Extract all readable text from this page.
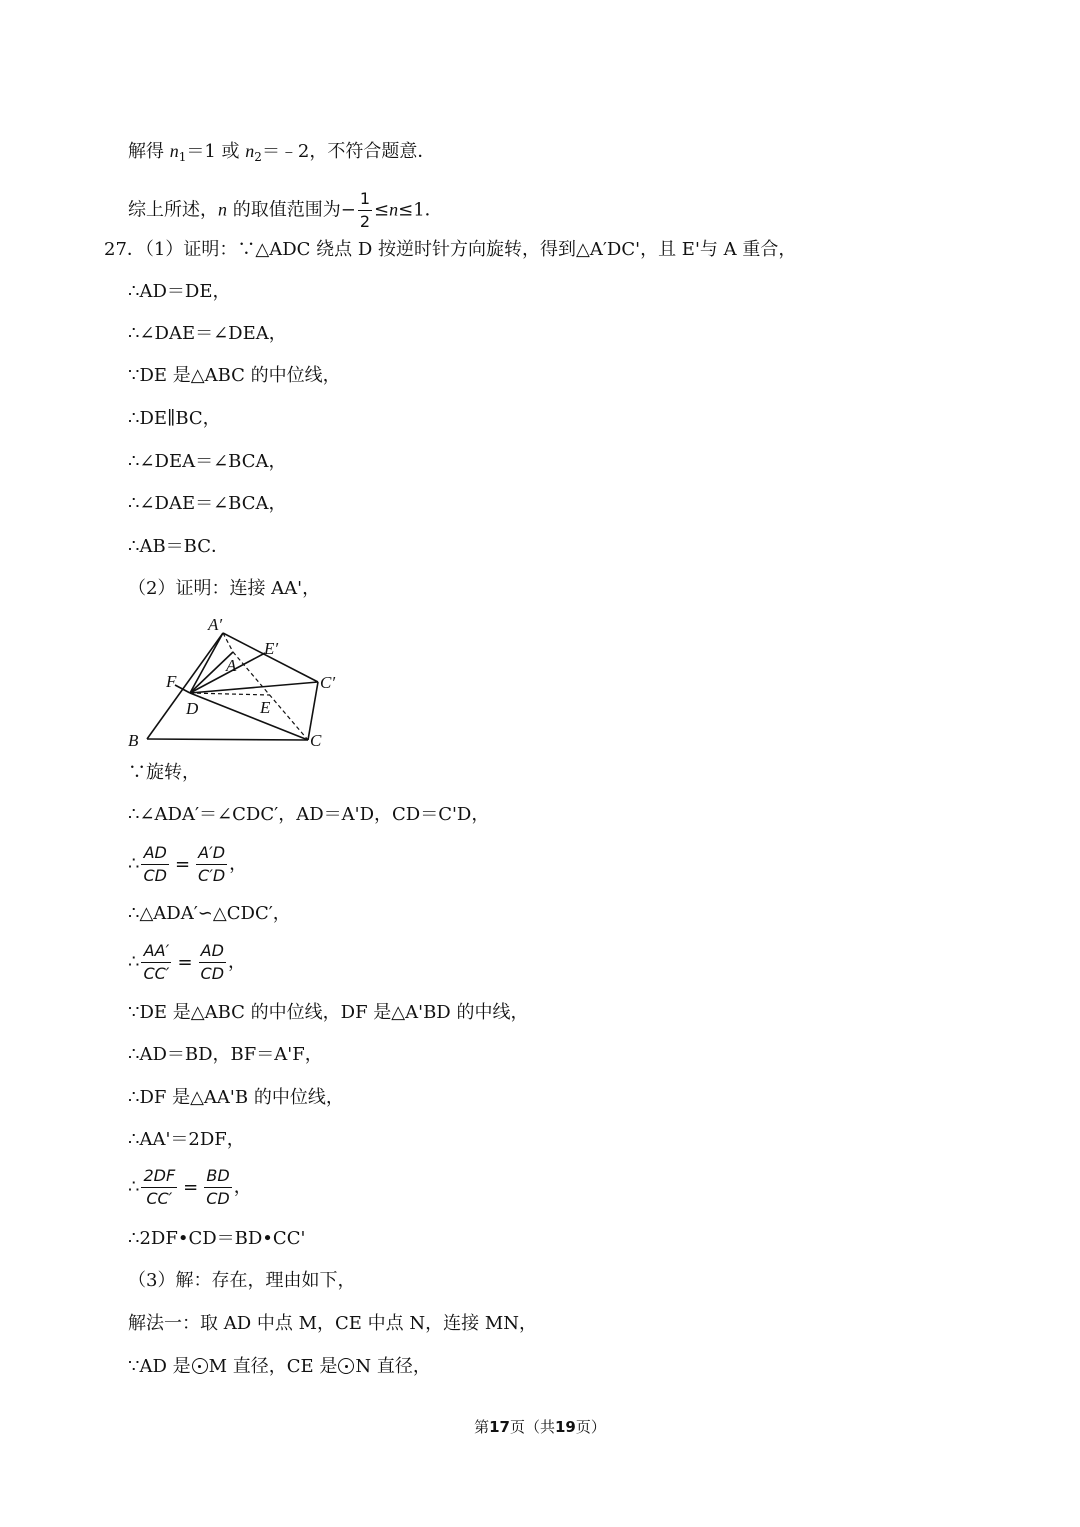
解得 $n_1=1$ 或 $n_2=﹣2$，不符合题意．
综上所述，n 的取值范围为− $\frac{1}{2} \le n\le 1$．
27．（1）证明：∵△ADC 绕点 D 按逆时针方向旋转，得到△A′DC'，且 E'与 A 重合，
∴AD＝DE，
∴∠DAE＝∠DEA，
∵DE 是△ABC 的中位线，
∴DE∥BC，
∴∠DEA＝∠BCA，
∴∠DAE＝∠BCA，
∴AB＝BC．
（2）证明：连接 AA'，
A′
E′
A
F	C′
D	E
B	C
∵旋转，
∴∠ADA′＝∠CDC′，AD＝A'D，CD＝C'D，
∴ $\frac{AD}{CD} = \frac{A'D}{C'D}$ ，
∴△ADA′∽△CDC′，
∴ $\frac{AA'}{CC'} = \frac{AD}{CD}$ ，
∵DE 是△ABC 的中位线，DF 是△A'BD 的中线，
∴AD＝BD，BF＝A'F，
∴DF 是△AA'B 的中位线，
∴AA'＝2DF，
∴ $\frac{2DF}{CC'} = \frac{BD}{CD}$ ，
∴2DF•CD＝BD•CC'
（3）解：存在，理由如下，
解法一：取 AD 中点 M，CE 中点 N，连接 MN，
∵AD 是 M 直径，CE 是 N 直径，
第17页（共19页）
